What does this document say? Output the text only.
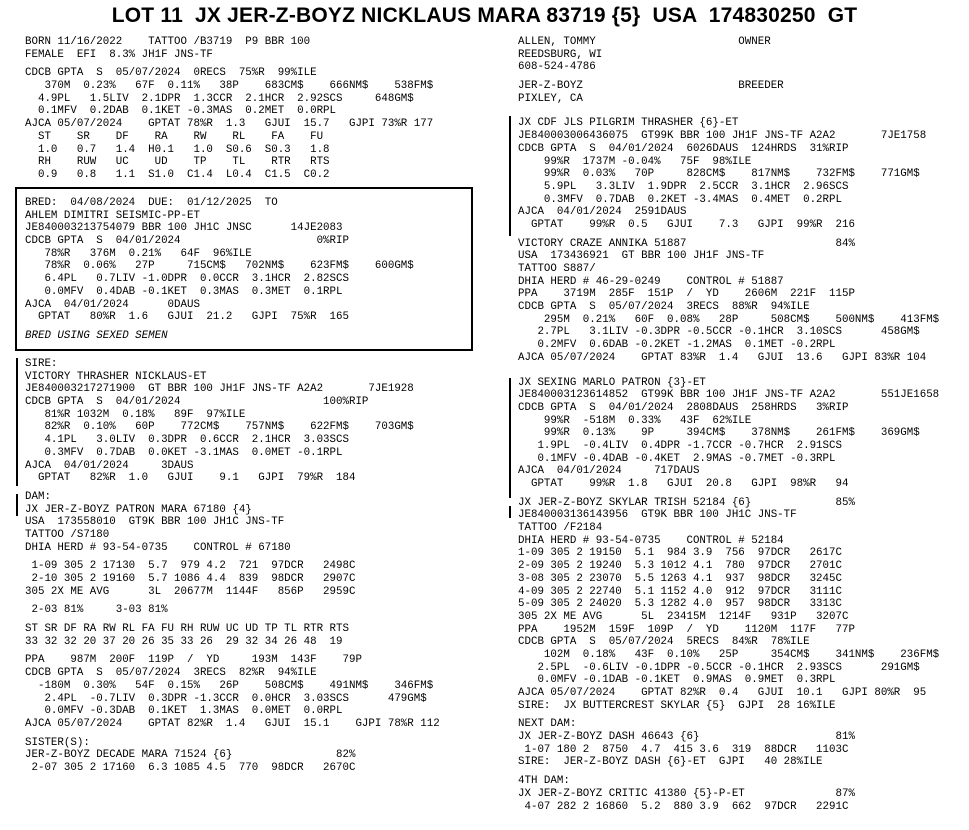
LOT 11  JX JER-Z-BOYZ NICKLAUS MARA 83719 {5}  USA  174830250  GT
BORN 11/16/2022    TATTOO /B3719  P9 BBR 100
FEMALE  EFI  8.3% JH1F JNS-TF
CDCB GPTA  S  05/07/2024  0RECS  75%R  99%ILE
370M  0.23%   67F  0.11%   38P    683CM$    666NM$    538FM$
4.9PL   1.5LIV  2.1DPR  1.3CCR  2.1HCR  2.92SCS     648GM$
0.1MFV  0.2DAB  0.1KET -0.3MAS  0.2MET  0.0RPL
AJCA 05/07/2024    GPTAT 78%R  1.3   GJUI  15.7   GJPI 73%R 177
ST    SR    DF    RA    RW    RL    FA    FU
1.0   0.7   1.4  H0.1   1.0  S0.6  S0.3   1.8
RH    RUW   UC    UD    TP    TL    RTR   RTS
0.9   0.8   1.1  S1.0  C1.4  L0.4  C1.5  C0.2
BRED:  04/08/2024  DUE:  01/12/2025  TO
AHLEM DIMITRI SEISMIC-PP-ET
JE840003213754079 BBR 100 JH1C JNSC      14JE2083
CDCB GPTA  S  04/01/2024                     0%RIP
78%R   376M  0.21%   64F  96%ILE
78%R  0.06%   27P     715CM$   702NM$    623FM$    600GM$
6.4PL   0.7LIV -1.0DPR  0.0CCR  3.1HCR  2.82SCS
0.0MFV  0.4DAB -0.1KET  0.3MAS  0.3MET  0.1RPL
AJCA  04/01/2024      0DAUS
GPTAT   80%R  1.6   GJUI  21.2   GJPI  75%R  165
BRED USING SEXED SEMEN
SIRE:
VICTORY THRASHER NICKLAUS-ET
JE840003217271900  GT BBR 100 JH1F JNS-TF A2A2       7JE1928
CDCB GPTA  S  04/01/2024                      100%RIP
81%R 1032M  0.18%   89F  97%ILE
82%R  0.10%   60P    772CM$    757NM$    622FM$    703GM$
4.1PL   3.0LIV  0.3DPR  0.6CCR  2.1HCR  3.03SCS
0.3MFV  0.7DAB  0.0KET -3.1MAS  0.0MET -0.1RPL
AJCA  04/01/2024     3DAUS
GPTAT   82%R  1.0   GJUI    9.1   GJPI  79%R  184
DAM:
JX JER-Z-BOYZ PATRON MARA 67180 {4}
USA  173558010  GT9K BBR 100 JH1C JNS-TF
TATTOO /S7180
DHIA HERD # 93-54-0735    CONTROL # 67180
1-09 305 2 17130  5.7  979 4.2  721  97DCR   2498C
2-10 305 2 19160  5.7 1086 4.4  839  98DCR   2907C
305 2X ME AVG      3L  20677M  1144F   856P   2959C
2-03 81%     3-03 81%
ST SR DF RA RW RL FA FU RH RUW UC UD TP TL RTR RTS
33 32 32 20 37 20 26 35 33 26  29 32 34 26 48  19
PPA    987M  200F  119P  /  YD     193M  143F    79P
CDCB GPTA  S  05/07/2024  3RECS  82%R  94%ILE
-180M  0.30%   54F  0.15%   26P    508CM$    491NM$    346FM$
2.4PL  -0.7LIV  0.3DPR -1.3CCR  0.0HCR  3.03SCS      479GM$
0.0MFV -0.3DAB  0.1KET  1.3MAS  0.0MET  0.0RPL
AJCA 05/07/2024    GPTAT 82%R  1.4   GJUI  15.1    GJPI 78%R 112
SISTER(S):
JER-Z-BOYZ DECADE MARA 71524 {6}                82%
2-07 305 2 17160  6.3 1085 4.5  770  98DCR   2670C
ALLEN, TOMMY                      OWNER
REEDSBURG, WI
608-524-4786
JER-Z-BOYZ                        BREEDER
PIXLEY, CA
JX CDF JLS PILGRIM THRASHER {6}-ET
JE840003006436075  GT99K BBR 100 JH1F JNS-TF A2A2       7JE1758
CDCB GPTA  S  04/01/2024  6026DAUS  124HRDS  31%RIP
99%R  1737M -0.04%   75F  98%ILE
99%R  0.03%   70P     828CM$    817NM$    732FM$    771GM$
5.9PL   3.3LIV  1.9DPR  2.5CCR  3.1HCR  2.96SCS
0.3MFV  0.7DAB  0.2KET -3.4MAS  0.4MET  0.2RPL
AJCA  04/01/2024  2591DAUS
GPTAT    99%R  0.5   GJUI    7.3   GJPI  99%R  216
VICTORY CRAZE ANNIKA 51887                       84%
USA  173436921  GT BBR 100 JH1F JNS-TF
TATTOO S887/
DHIA HERD # 46-29-0249    CONTROL # 51887
PPA    3719M  285F  151P  /  YD    2606M  221F  115P
CDCB GPTA  S  05/07/2024  3RECS  88%R  94%ILE
295M  0.21%   60F  0.08%   28P     508CM$    500NM$    413FM$
2.7PL   3.1LIV -0.3DPR -0.5CCR -0.1HCR  3.10SCS      458GM$
0.2MFV  0.6DAB -0.2KET -1.2MAS  0.1MET -0.2RPL
AJCA 05/07/2024    GPTAT 83%R  1.4   GJUI  13.6   GJPI 83%R 104
JX SEXING MARLO PATRON {3}-ET
JE840003123614852  GT99K BBR 100 JH1F JNS-TF A2A2       551JE1658
CDCB GPTA  S  04/01/2024  2808DAUS  258HRDS   3%RIP
99%R  -518M  0.33%   43F  62%ILE
99%R  0.13%    9P     394CM$    378NM$    261FM$    369GM$
1.9PL  -0.4LIV  0.4DPR -1.7CCR -0.7HCR  2.91SCS
0.1MFV -0.4DAB -0.4KET  2.9MAS -0.7MET -0.3RPL
AJCA  04/01/2024     717DAUS
GPTAT    99%R  1.8   GJUI  20.8   GJPI  98%R   94
JX JER-Z-BOYZ SKYLAR TRISH 52184 {6}             85%
JE840003136143956  GT9K BBR 100 JH1C JNS-TF
TATTOO /F2184
DHIA HERD # 93-54-0735    CONTROL # 52184
1-09 305 2 19150  5.1  984 3.9  756  97DCR   2617C
2-09 305 2 19240  5.3 1012 4.1  780  97DCR   2701C
3-08 305 2 23070  5.5 1263 4.1  937  98DCR   3245C
4-09 305 2 22740  5.1 1152 4.0  912  97DCR   3111C
5-09 305 2 24020  5.3 1282 4.0  957  98DCR   3313C
305 2X ME AVG      5L  23415M  1214F   931P   3207C
PPA    1952M  159F  109P  /  YD    1120M  117F   77P
CDCB GPTA  S  05/07/2024  5RECS  84%R  78%ILE
102M  0.18%   43F  0.10%   25P     354CM$    341NM$    236FM$
2.5PL  -0.6LIV -0.1DPR -0.5CCR -0.1HCR  2.93SCS      291GM$
0.0MFV -0.1DAB -0.1KET  0.9MAS  0.9MET  0.3RPL
AJCA 05/07/2024    GPTAT 82%R  0.4   GJUI  10.1   GJPI 80%R  95
SIRE:  JX BUTTERCREST SKYLAR {5}  GJPI  28 16%ILE
NEXT DAM:
JX JER-Z-BOYZ DASH 46643 {6}                     81%
1-07 180 2  8750  4.7  415 3.6  319  88DCR   1103C
SIRE:  JER-Z-BOYZ DASH {6}-ET  GJPI   40 28%ILE
4TH DAM:
JX JER-Z-BOYZ CRITIC 41380 {5}-P-ET              87%
4-07 282 2 16860  5.2  880 3.9  662  97DCR   2291C
